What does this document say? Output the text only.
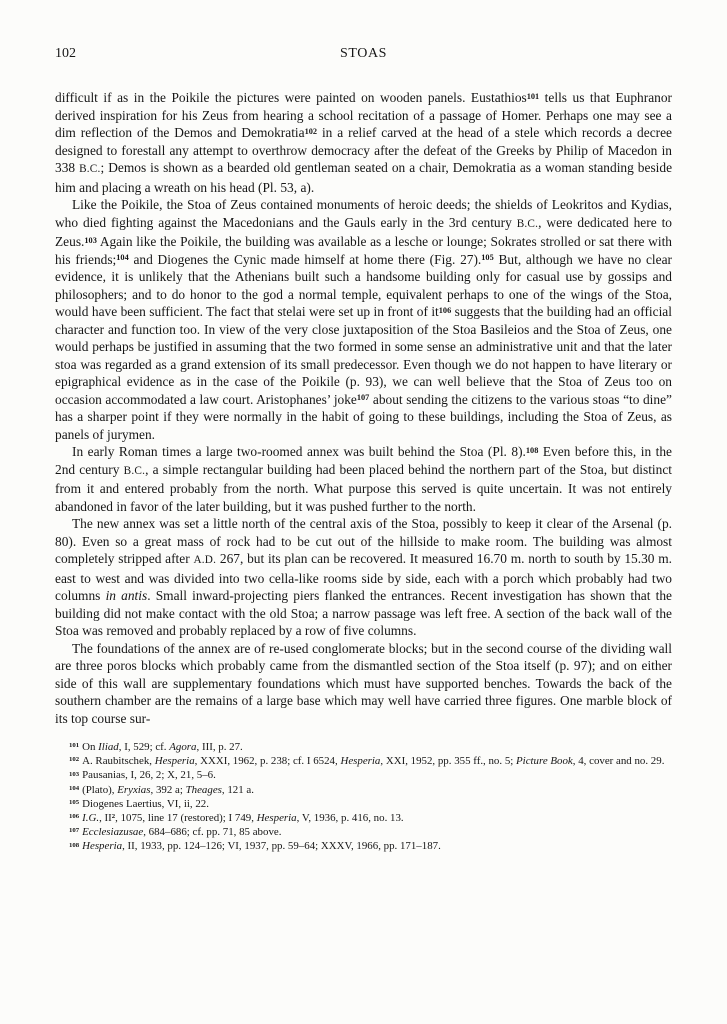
102	STOAS

difficult if as in the Poikile the pictures were painted on wooden panels. Eustathios$^{101}$ tells us that Euphranor derived inspiration for his Zeus from hearing a school recitation of a passage of Homer. Perhaps one may see a dim reflection of the Demos and Demokratia$^{102}$ in a relief carved at the head of a stele which records a decree designed to forestall any attempt to overthrow democracy after the defeat of the Greeks by Philip of Macedon in 338 B.C.; Demos is shown as a bearded old gentleman seated on a chair, Demokratia as a woman standing beside him and placing a wreath on his head (Pl. 53, a).

Like the Poikile, the Stoa of Zeus contained monuments of heroic deeds; the shields of Leokritos and Kydias, who died fighting against the Macedonians and the Gauls early in the 3rd century B.C., were dedicated here to Zeus.$^{103}$ Again like the Poikile, the building was available as a lesche or lounge; Sokrates strolled or sat there with his friends;$^{104}$ and Diogenes the Cynic made himself at home there (Fig. 27).$^{105}$ But, although we have no clear evidence, it is unlikely that the Athenians built such a handsome building only for casual use by gossips and philosophers; and to do honor to the god a normal temple, equivalent perhaps to one of the wings of the Stoa, would have been sufficient. The fact that stelai were set up in front of $it^{106}$ suggests that the building had an official character and function too. In view of the very close juxtaposition of the Stoa Basileios and the Stoa of Zeus, one would perhaps be justified in assuming that the two formed in some sense an administrative unit and that the later stoa was regarded as a grand extension of its small predecessor. Even though we do not happen to have literary or epigraphical evidence as in the case of the Poikile (p. 93), we can well believe that the Stoa of Zeus too on occasion accommodated a law court. Aristophanes’ joke$^{107}$ about sending the citizens to the various stoas “to dine” has a sharper point if they were normally in the habit of going to these buildings, including the Stoa of Zeus, as panels of jurymen.

In early Roman times a large two-roomed annex was built behind the Stoa (Pl. 8).$^{108}$ Even before this, in the 2nd century B.C., a simple rectangular building had been placed behind the northern part of the Stoa, but distinct from it and entered probably from the north. What purpose this served is quite uncertain. It was not entirely abandoned in favor of the later building, but it was pushed further to the north.

The new annex was set a little north of the central axis of the Stoa, possibly to keep it clear of the Arsenal (p. 80). Even so a great mass of rock had to be cut out of the hillside to make room. The building was almost completely stripped after A.D. 267, but its plan can be recovered. It measured 16.70 m. north to south by 15.30 m. east to west and was divided into two cella-like rooms side by side, each with a porch which probably had two columns in antis. Small inward-projecting piers flanked the entrances. Recent investigation has shown that the building did not make contact with the old Stoa; a narrow passage was left free. A section of the back wall of the Stoa was removed and probably replaced by a row of five columns.

The foundations of the annex are of re-used conglomerate blocks; but in the second course of the dividing wall are three poros blocks which probably came from the dismantled section of the Stoa itself (p. 97); and on either side of this wall are supplementary foundations which must have supported benches. Towards the back of the southern chamber are the remains of a large base which may well have carried three figures. One marble block of its top course sur-

$^{101}$ On Iliad, I, 529; cf. Agora, III, p. 27.

$^{102}$ A. Raubitschek, Hesperia, XXXI, 1962, p. 238; cf. I 6524, Hesperia, XXI, 1952, pp. 355 ff., no. 5; Picture Book, 4, cover and no. 29.

$^{103}$ Pausanias, I, 26, 2; X, 21, 5–6.

$^{104}$ (Plato), Eryxias, 392 a; Theages, 121 a.

$^{105}$ Diogenes Laertius, VI, ii, 22.

$^{106}$ I.G., $II^2$, 1075, line 17 (restored); I 749, Hesperia, V, 1936, p. 416, no. 13.

$^{107}$ Ecclesiazusae, 684–686; cf. pp. 71, 85 above.

$^{108}$ Hesperia, II, 1933, pp. 124–126; VI, 1937, pp. 59–64; XXXV, 1966, pp. 171–187.
